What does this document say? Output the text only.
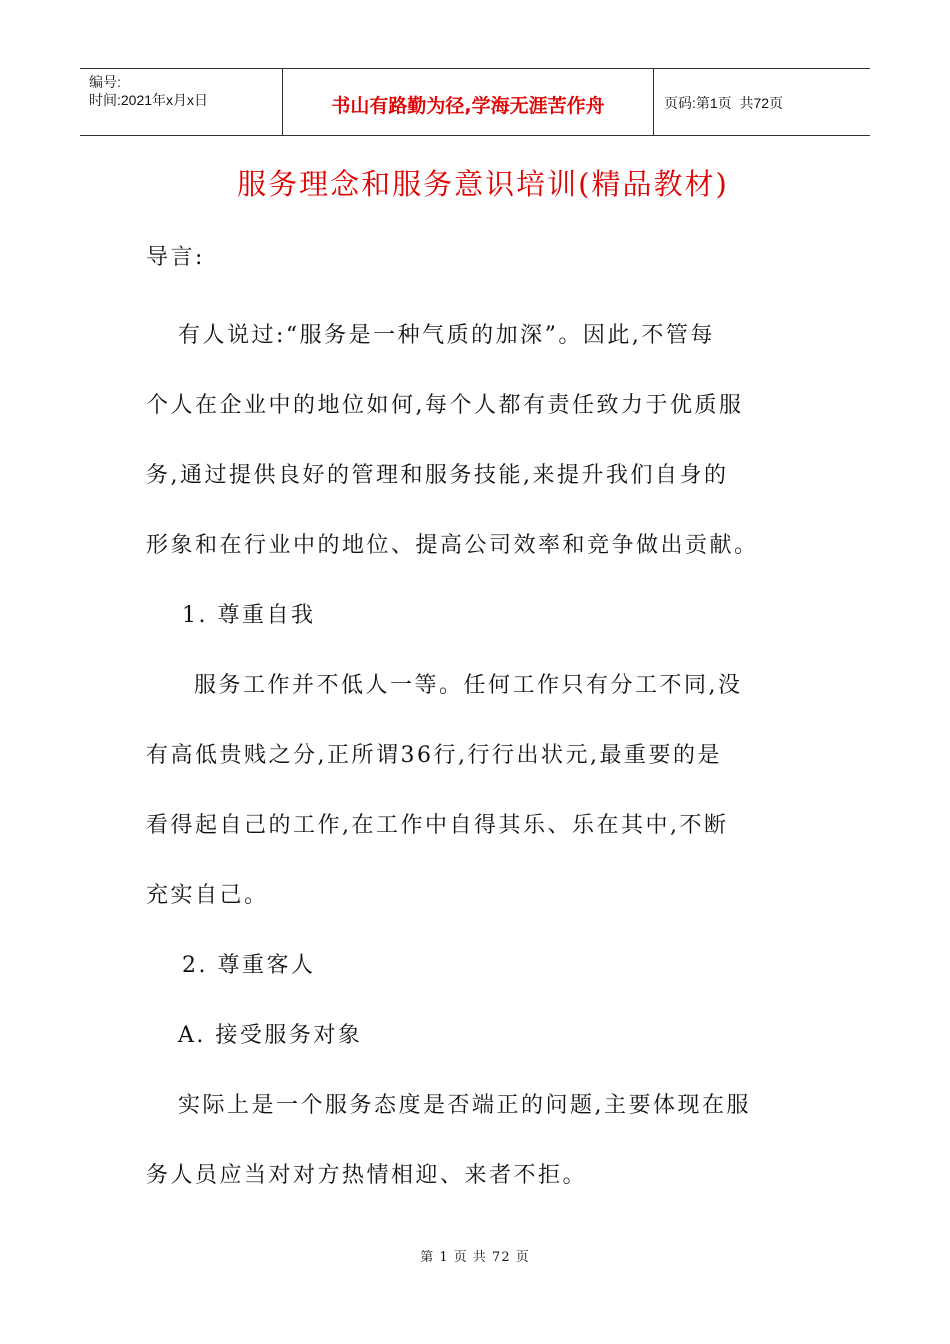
编号:
时间:2021年x月x日	书山有路勤为径,学海无涯苦作舟	页码:第1页  共72页
服务理念和服务意识培训(精品教材)
导言:
有人说过:“服务是一种气质的加深”。因此,不管每
个人在企业中的地位如何,每个人都有责任致力于优质服
务,通过提供良好的管理和服务技能,来提升我们自身的
形象和在行业中的地位、提高公司效率和竞争做出贡献。
1. 尊重自我
服务工作并不低人一等。任何工作只有分工不同,没
有高低贵贱之分,正所谓36行,行行出状元,最重要的是
看得起自己的工作,在工作中自得其乐、乐在其中,不断
充实自己。
2. 尊重客人
A. 接受服务对象
实际上是一个服务态度是否端正的问题,主要体现在服
务人员应当对对方热情相迎、来者不拒。
第 1 页 共 72 页
